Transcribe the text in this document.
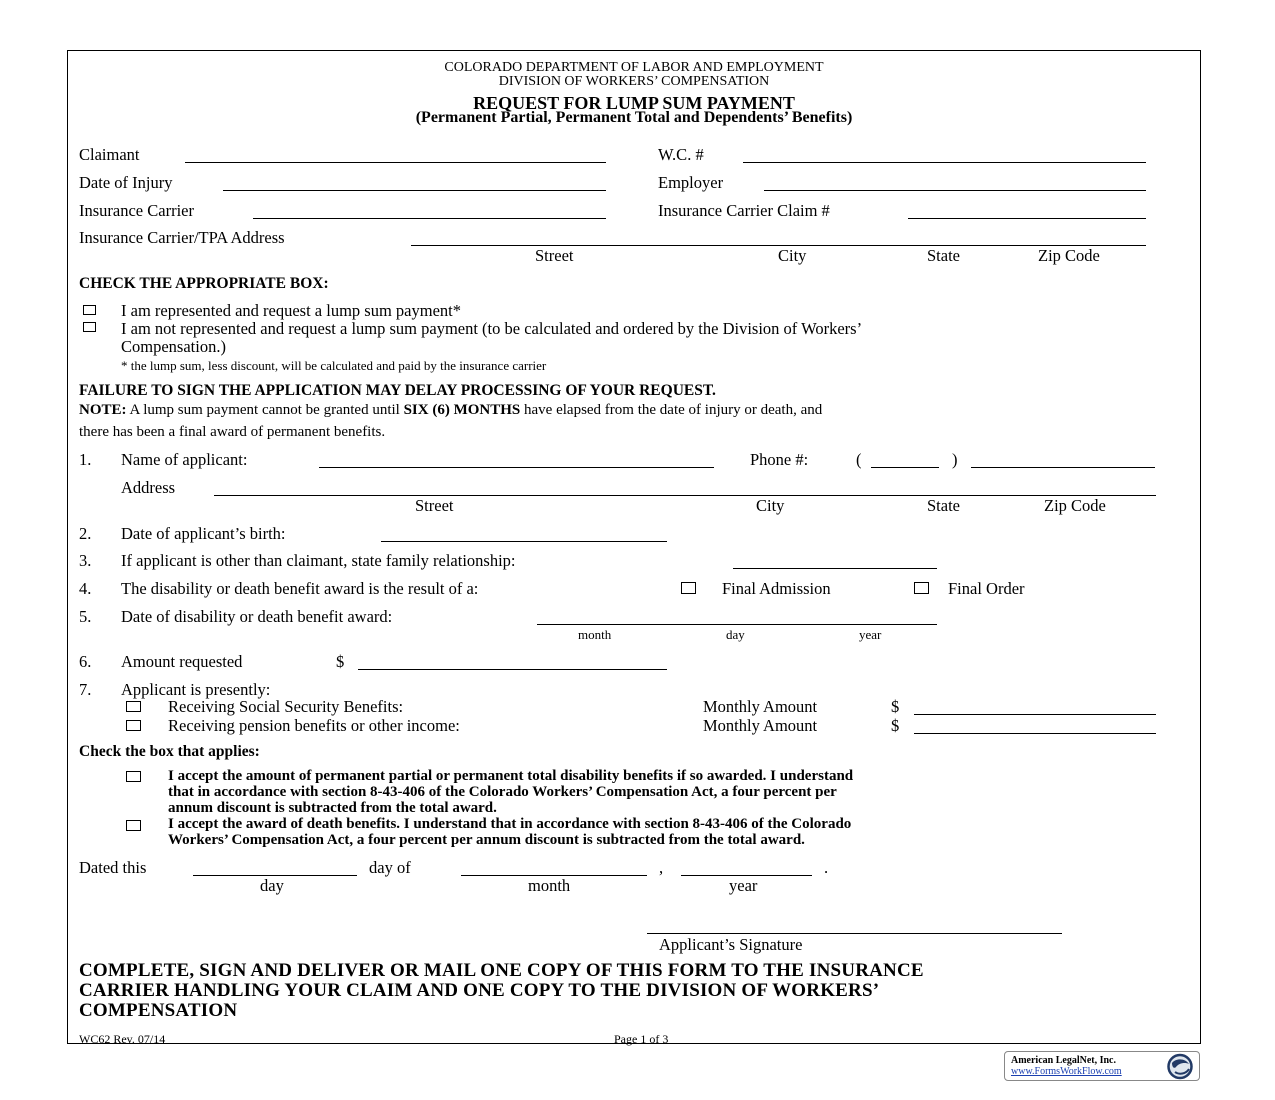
COLORADO DEPARTMENT OF LABOR AND EMPLOYMENT
DIVISION OF WORKERS’ COMPENSATION
REQUEST FOR LUMP SUM PAYMENT
(Permanent Partial, Permanent Total and Dependents’ Benefits)
Claimant	W.C. #
Date of Injury	Employer
Insurance Carrier	Insurance Carrier Claim #
Insurance Carrier/TPA Address
Street	City	State	Zip Code
CHECK THE APPROPRIATE BOX:
I am represented and request a lump sum payment*
I am not represented and request a lump sum payment (to be calculated and ordered by the Division of Workers’
Compensation.)
* the lump sum, less discount, will be calculated and paid by the insurance carrier
FAILURE TO SIGN THE APPLICATION MAY DELAY PROCESSING OF YOUR REQUEST.
NOTE: A lump sum payment cannot be granted until SIX (6) MONTHS have elapsed from the date of injury or death, and
there has been a final award of permanent benefits.
1. Name of applicant:	Phone #:	(	)
Address
Street	City	State	Zip Code
2. Date of applicant’s birth:
3. If applicant is other than claimant, state family relationship:
4. The disability or death benefit award is the result of a:	Final Admission	Final Order
5. Date of disability or death benefit award:
month	day	year
6. Amount requested	$
7. Applicant is presently:
Receiving Social Security Benefits:	Monthly Amount	$
Receiving pension benefits or other income:	Monthly Amount	$
Check the box that applies:
I accept the amount of permanent partial or permanent total disability benefits if so awarded. I understand
that in accordance with section 8-43-406 of the Colorado Workers’ Compensation Act, a four percent per
annum discount is subtracted from the total award.
I accept the award of death benefits. I understand that in accordance with section 8-43-406 of the Colorado
Workers’ Compensation Act, a four percent per annum discount is subtracted from the total award.
Dated this	day of	,	.
day	month	year
Applicant’s Signature
COMPLETE, SIGN AND DELIVER OR MAIL ONE COPY OF THIS FORM TO THE INSURANCE
CARRIER HANDLING YOUR CLAIM AND ONE COPY TO THE DIVISION OF WORKERS’
COMPENSATION
WC62 Rev. 07/14	Page 1 of 3
American LegalNet, Inc.
www.FormsWorkFlow.com
